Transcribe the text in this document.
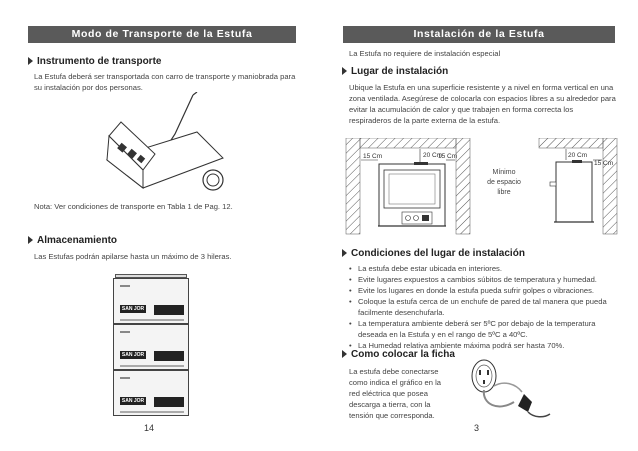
Modo de Transporte de la Estufa
Instrumento de transporte
La Estufa deberá ser transportada con carro de transporte y maniobrada para su instalación por dos personas.
Nota: Ver condiciones de transporte en Tabla 1 de Pag. 12.
Almacenamiento
Las Estufas podrán apilarse hasta un máximo de 3 hileras.
SAN JOR
SAN JOR
SAN JOR
14
Instalación de la Estufa
La Estufa no requiere de instalación especial
Lugar de instalación
Ubique la Estufa en una superficie resistente y a nivel en forma vertical en una zona ventilada. Asegúrese de colocarla con espacios libres a su alrededor para evitar la acumulación de calor y que trabajen en forma correcta los respiraderos de la parte externa de la estufa.
15 Cm	20 Cm
15 Cm
Mínimo
de espacio
libre
20 Cm
15 Cm
Condiciones del lugar de instalación
• La estufa debe estar ubicada en interiores.
• Evite lugares expuestos a cambios súbitos de temperatura y humedad.
• Evite los lugares en donde la estufa pueda sufrir golpes o vibraciones.
• Coloque la estufa cerca de un enchufe de pared de tal manera que pueda facilmente desenchufarla.
• La temperatura ambiente deberá ser 5ºC por debajo de la temperatura deseada en la Estufa y en el rango de 5ºC a 40ºC.
• La Humedad relativa ambiente máxima podrá ser hasta 70%.
Como colocar la ficha
La estufa debe conectarse como indica el gráfico en la red eléctrica que posea descarga a tierra, con la tensión que corresponda.
3
